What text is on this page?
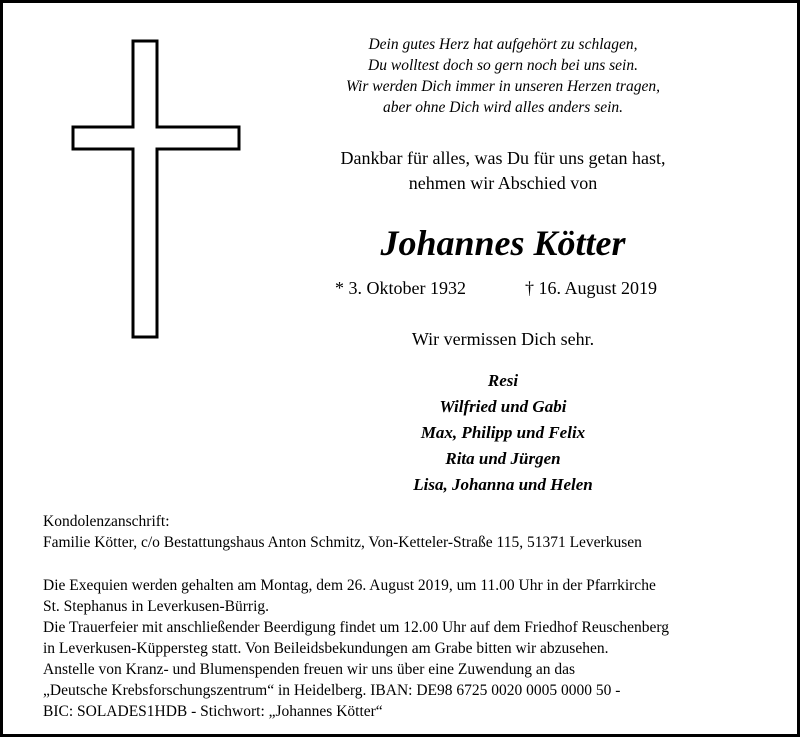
Dein gutes Herz hat aufgehört zu schlagen,
Du wolltest doch so gern noch bei uns sein.
Wir werden Dich immer in unseren Herzen tragen,
aber ohne Dich wird alles anders sein.
Dankbar für alles, was Du für uns getan hast,
nehmen wir Abschied von
Johannes Kötter
* 3. Oktober 1932	† 16. August 2019
Wir vermissen Dich sehr.
Resi
Wilfried und Gabi
Max, Philipp und Felix
Rita und Jürgen
Lisa, Johanna und Helen
Kondolenzanschrift:
Familie Kötter, c/o Bestattungshaus Anton Schmitz, Von-Ketteler-Straße 115, 51371 Leverkusen
Die Exequien werden gehalten am Montag, dem 26. August 2019, um 11.00 Uhr in der Pfarrkirche
St. Stephanus in Leverkusen-Bürrig.
Die Trauerfeier mit anschließender Beerdigung findet um 12.00 Uhr auf dem Friedhof Reuschenberg
in Leverkusen-Küppersteg statt. Von Beileidsbekundungen am Grabe bitten wir abzusehen.
Anstelle von Kranz- und Blumenspenden freuen wir uns über eine Zuwendung an das
„Deutsche Krebsforschungszentrum“ in Heidelberg. IBAN: DE98 6725 0020 0005 0000 50 -
BIC: SOLADES1HDB - Stichwort: „Johannes Kötter“
